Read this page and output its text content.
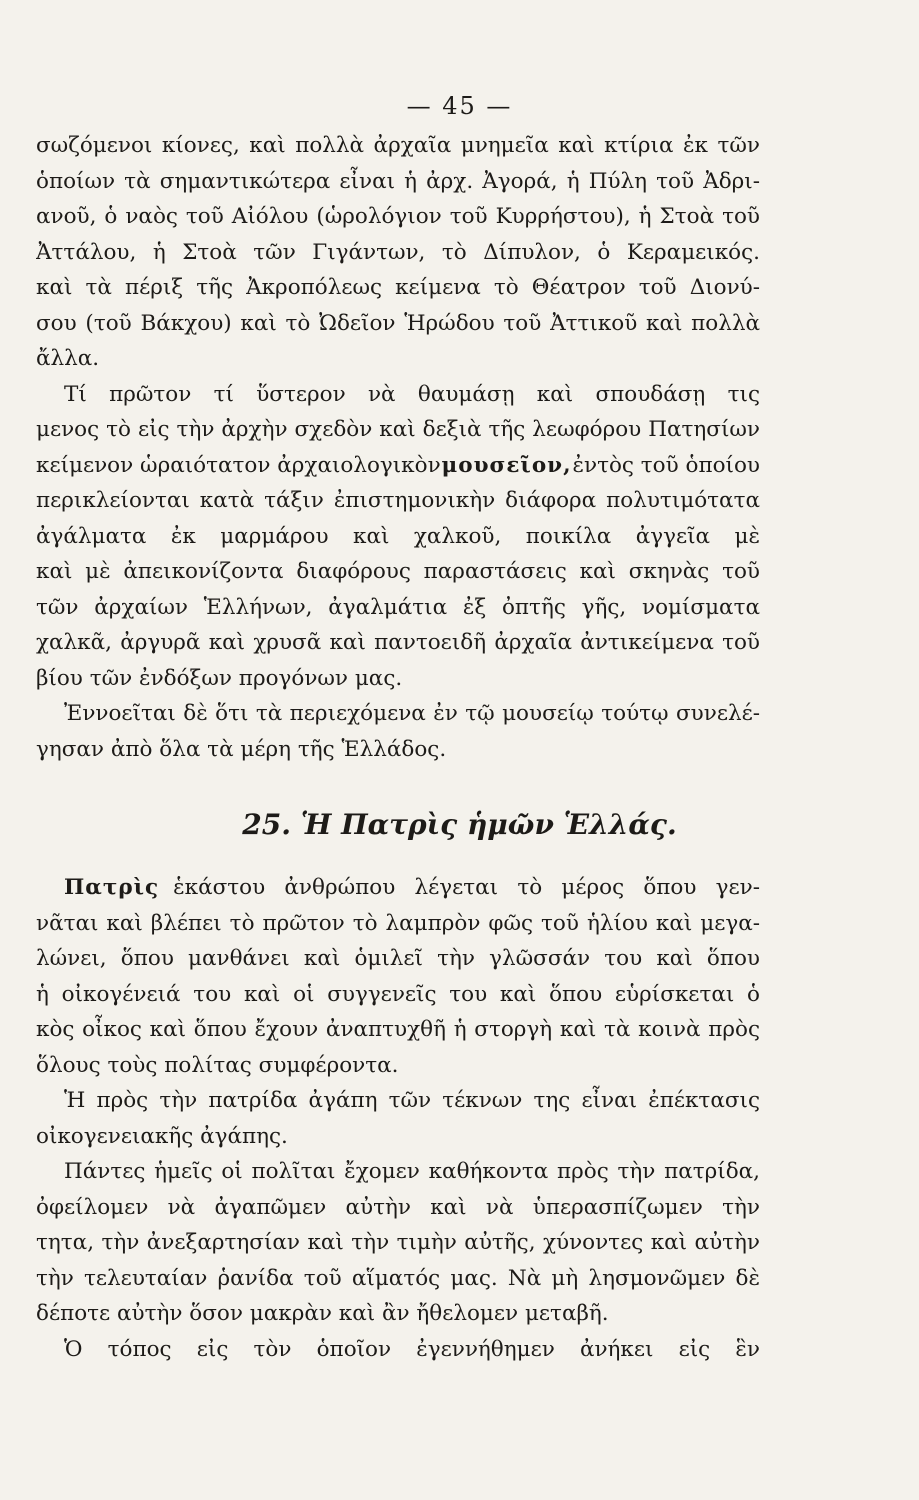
— 45 —
σωζόμενοι κίονες, καὶ πολλὰ ἀρχαῖα μνημεῖα καὶ κτίρια ἐκ τῶν
ὁποίων τὰ σημαντικώτερα εἶναι ἡ ἀρχ. Ἀγορά, ἡ Πύλη τοῦ Ἀδρι-
ανοῦ, ὁ ναὸς τοῦ Αἰόλου (ὡρολόγιον τοῦ Κυρρήστου), ἡ Στοὰ τοῦ
Ἀττάλου, ἡ Στοὰ τῶν Γιγάντων, τὸ Δίπυλον, ὁ Κεραμεικός.
καὶ τὰ πέριξ τῆς Ἀκροπόλεως κείμενα τὸ Θέατρον τοῦ Διονύ-
σου (τοῦ Βάκχου) καὶ τὸ Ὠδεῖον Ἡρώδου τοῦ Ἀττικοῦ καὶ πολλὰ
ἄλλα.
Τί πρῶτον τί ὕστερον νὰ θαυμάσῃ καὶ σπουδάσῃ τις
μενος τὸ εἰς τὴν ἀρχὴν σχεδὸν καὶ δεξιὰ τῆς λεωφόρου Πατησίων
κείμενον ὡραιότατον ἀρχαιολογικὸν μουσεῖον, ἐντὸς τοῦ ὁποίου
περικλείονται κατὰ τάξιν ἐπιστημονικὴν διάφορα πολυτιμότατα
ἀγάλματα ἐκ μαρμάρου καὶ χαλκοῦ, ποικίλα ἀγγεῖα μὲ
καὶ μὲ ἀπεικονίζοντα διαφόρους παραστάσεις καὶ σκηνὰς τοῦ
τῶν ἀρχαίων Ἑλλήνων, ἀγαλμάτια ἐξ ὀπτῆς γῆς, νομίσματα
χαλκᾶ, ἀργυρᾶ καὶ χρυσᾶ καὶ παντοειδῆ ἀρχαῖα ἀντικείμενα τοῦ
βίου τῶν ἐνδόξων προγόνων μας.
Ἐννοεῖται δὲ ὅτι τὰ περιεχόμενα ἐν τῷ μουσείῳ τούτῳ συνελέ-
γησαν ἀπὸ ὅλα τὰ μέρη τῆς Ἑλλάδος.
25. Ἡ Πατρὶς ἡμῶν Ἑλλάς.
Πατρὶς ἑκάστου ἀνθρώπου λέγεται τὸ μέρος ὅπου γεν-
νᾶται καὶ βλέπει τὸ πρῶτον τὸ λαμπρὸν φῶς τοῦ ἡλίου καὶ μεγα-
λώνει, ὅπου μανθάνει καὶ ὁμιλεῖ τὴν γλῶσσάν του καὶ ὅπου
ἡ οἰκογένειά του καὶ οἱ συγγενεῖς του καὶ ὅπου εὑρίσκεται ὁ
κὸς οἶκος καὶ ὅπου ἔχουν ἀναπτυχθῆ ἡ στοργὴ καὶ τὰ κοινὰ πρὸς
ὅλους τοὺς πολίτας συμφέροντα.
Ἡ πρὸς τὴν πατρίδα ἀγάπη τῶν τέκνων της εἶναι ἐπέκτασις
οἰκογενειακῆς ἀγάπης.
Πάντες ἡμεῖς οἱ πολῖται ἔχομεν καθήκοντα πρὸς τὴν πατρίδα,
ὀφείλομεν νὰ ἀγαπῶμεν αὐτὴν καὶ νὰ ὑπερασπίζωμεν τὴν
τητα, τὴν ἀνεξαρτησίαν καὶ τὴν τιμὴν αὐτῆς, χύνοντες καὶ αὐτὴν
τὴν τελευταίαν ῥανίδα τοῦ αἵματός μας. Νὰ μὴ λησμονῶμεν δὲ
δέποτε αὐτὴν ὅσον μακρὰν καὶ ἂν ἤθελομεν μεταβῆ.
Ὁ τόπος εἰς τὸν ὁποῖον ἐγεννήθημεν ἀνήκει εἰς ἓν
